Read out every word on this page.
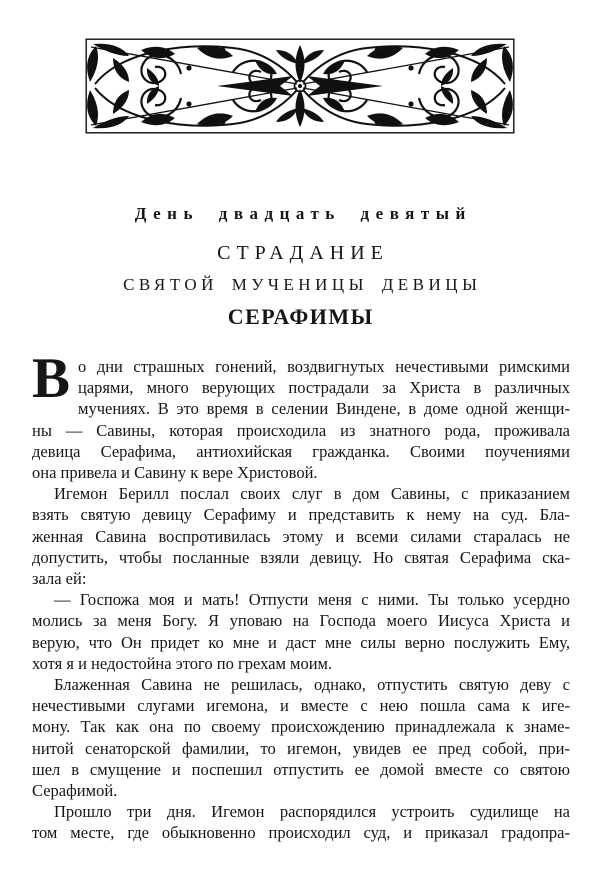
День двадцать девятый
СТРАДАНИЕ
СВЯТОЙ МУЧЕНИЦЫ ДЕВИЦЫ
СЕРАФИМЫ
В о дни страшных гонений, воздвигнутых нечестивыми римскими
царями, много верующих пострадали за Христа в различных
мучениях. В это время в селении Виндене, в доме одной женщи-
ны — Савины, которая происходила из знатного рода, проживала
девица Серафима, антиохийская гражданка. Своими поучениями
она привела и Савину к вере Христовой.
Игемон Берилл послал своих слуг в дом Савины, с приказанием
взять святую девицу Серафиму и представить к нему на суд. Бла-
женная Савина воспротивилась этому и всеми силами старалась не
допустить, чтобы посланные взяли девицу. Но святая Серафима ска-
зала ей:
— Госпожа моя и мать! Отпусти меня с ними. Ты только усердно
молись за меня Богу. Я уповаю на Господа моего Иисуса Христа и
верую, что Он придет ко мне и даст мне силы верно послужить Ему,
хотя я и недостойна этого по грехам моим.
Блаженная Савина не решилась, однако, отпустить святую деву с
нечестивыми слугами игемона, и вместе с нею пошла сама к иге-
мону. Так как она по своему происхождению принадлежала к знаме-
нитой сенаторской фамилии, то игемон, увидев ее пред собой, при-
шел в смущение и поспешил отпустить ее домой вместе со святою
Серафимой.
Прошло три дня. Игемон распорядился устроить судилище на
том месте, где обыкновенно происходил суд, и приказал градопра-
